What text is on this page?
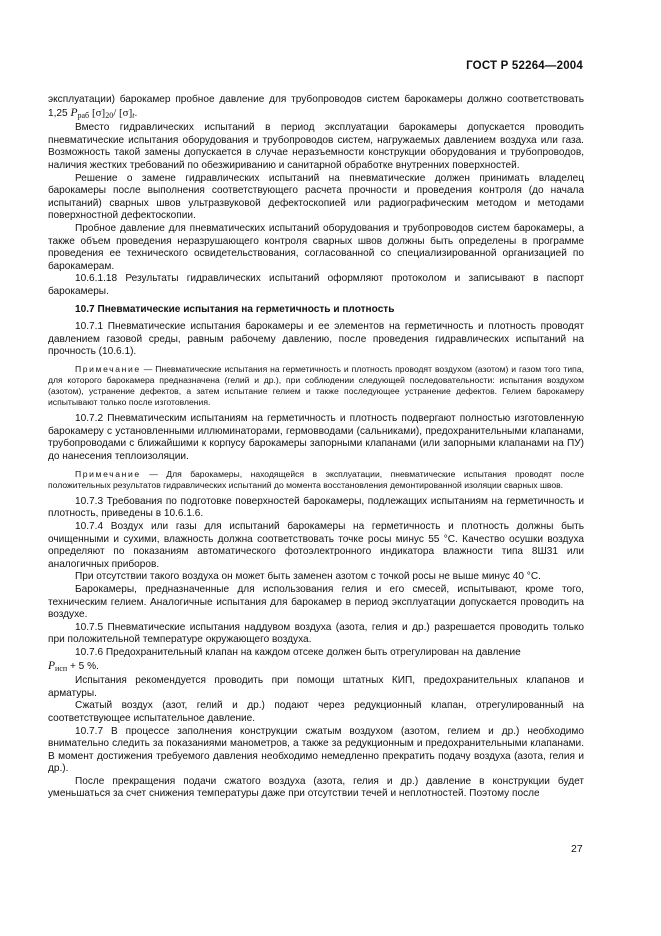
ГОСТ Р 52264—2004

эксплуатации) барокамер пробное давление для трубопроводов систем барокамеры должно соответствовать 1,25 $P_{раб}$ $[\sigma]_{20}/$ $[\sigma]_t$.

Вместо гидравлических испытаний в период эксплуатации барокамеры допускается проводить пневматические испытания оборудования и трубопроводов систем, нагружаемых давлением воздуха или газа. Возможность такой замены допускается в случае неразъемности конструкции оборудования и трубопроводов, наличия жестких требований по обезжириванию и санитарной обработке внутренних поверхностей.

Решение о замене гидравлических испытаний на пневматические должен принимать владелец барокамеры после выполнения соответствующего расчета прочности и проведения контроля (до начала испытаний) сварных швов ультразвуковой дефектоскопией или радиографическим методом и методами поверхностной дефектоскопии.

Пробное давление для пневматических испытаний оборудования и трубопроводов систем барокамеры, а также объем проведения неразрушающего контроля сварных швов должны быть определены в программе проведения ее технического освидетельствования, согласованной со специализированной организацией по барокамерам.

10.6.1.18 Результаты гидравлических испытаний оформляют протоколом и записывают в паспорт барокамеры.

10.7 Пневматические испытания на герметичность и плотность

10.7.1 Пневматические испытания барокамеры и ее элементов на герметичность и плотность проводят давлением газовой среды, равным рабочему давлению, после проведения гидравлических испытаний на прочность (10.6.1).

Примечание — Пневматические испытания на герметичность и плотность проводят воздухом (азотом) и газом того типа, для которого барокамера предназначена (гелий и др.), при соблюдении следующей последовательности: испытания воздухом (азотом), устранение дефектов, а затем испытание гелием и также последующее устранение дефектов. Гелием барокамеру испытывают только после изготовления.

10.7.2 Пневматическим испытаниям на герметичность и плотность подвергают полностью изготовленную барокамеру с установленными иллюминаторами, гермовводами (сальниками), предохранительными клапанами, трубопроводами с ближайшими к корпусу барокамеры запорными клапанами (или запорными клапанами на ПУ) до нанесения теплоизоляции.

Примечание — Для барокамеры, находящейся в эксплуатации, пневматические испытания проводят после положительных результатов гидравлических испытаний до момента восстановления демонтированной изоляции сварных швов.

10.7.3 Требования по подготовке поверхностей барокамеры, подлежащих испытаниям на герметичность и плотность, приведены в 10.6.1.6.

10.7.4 Воздух или газы для испытаний барокамеры на герметичность и плотность должны быть очищенными и сухими, влажность должна соответствовать точке росы минус 55 °С. Качество осушки воздуха определяют по показаниям автоматического фотоэлектронного индикатора влажности типа 8Ш31 или аналогичных приборов.

При отсутствии такого воздуха он может быть заменен азотом с точкой росы не выше минус 40 °С.

Барокамеры, предназначенные для использования гелия и его смесей, испытывают, кроме того, техническим гелием. Аналогичные испытания для барокамер в период эксплуатации допускается проводить на воздухе.

10.7.5 Пневматические испытания наддувом воздуха (азота, гелия и др.) разрешается проводить только при положительной температуре окружающего воздуха.

10.7.6 Предохранительный клапан на каждом отсеке должен быть отрегулирован на давление
$P_{исп} + 5$ %.

Испытания рекомендуется проводить при помощи штатных КИП, предохранительных клапанов и арматуры.

Сжатый воздух (азот, гелий и др.) подают через редукционный клапан, отрегулированный на соответствующее испытательное давление.

10.7.7 В процессе заполнения конструкции сжатым воздухом (азотом, гелием и др.) необходимо внимательно следить за показаниями манометров, а также за редукционным и предохранительными клапанами. В момент достижения требуемого давления необходимо немедленно прекратить подачу воздуха (азота, гелия и др.).

После прекращения подачи сжатого воздуха (азота, гелия и др.) давление в конструкции будет уменьшаться за счет снижения температуры даже при отсутствии течей и неплотностей. Поэтому после

27
